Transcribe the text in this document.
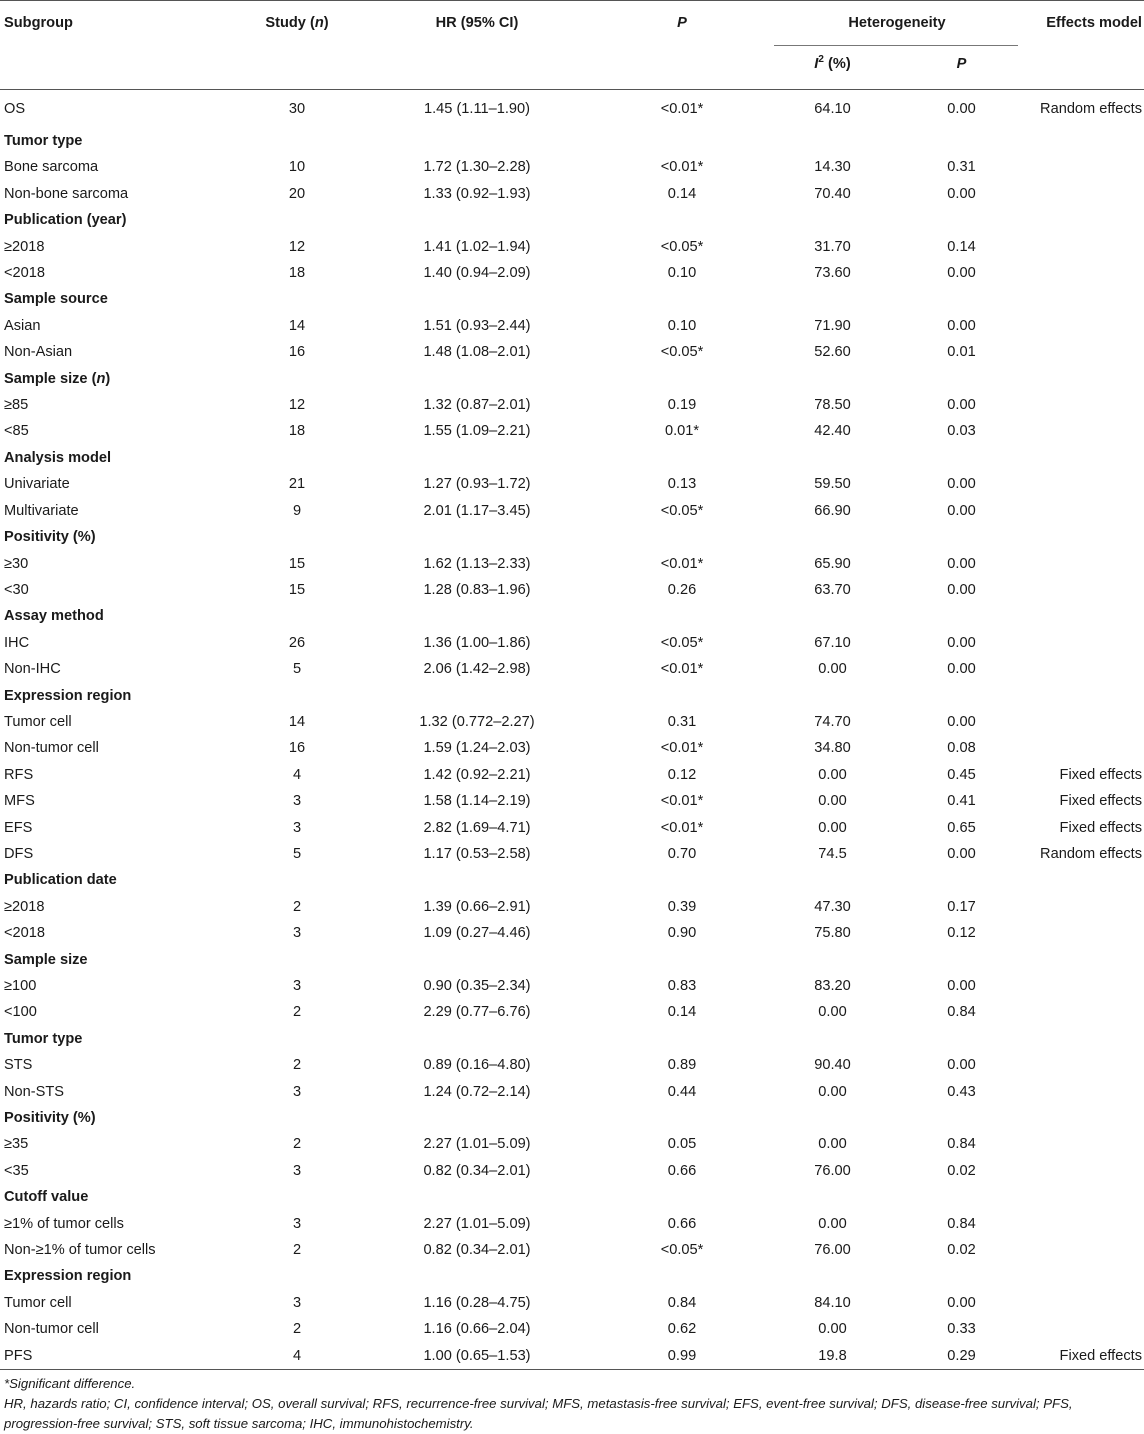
Subgroup	Study (n)	HR (95% CI)	P	Heterogeneity		Effects model
				$I^2$ (%)	P	
OS	30	1.45 (1.11–1.90)	<0.01*	64.10	0.00	Random effects
Tumor type						
Bone sarcoma	10	1.72 (1.30–2.28)	<0.01*	14.30	0.31	
Non-bone sarcoma	20	1.33 (0.92–1.93)	0.14	70.40	0.00	
Publication (year)						
≥2018	12	1.41 (1.02–1.94)	<0.05*	31.70	0.14	
<2018	18	1.40 (0.94–2.09)	0.10	73.60	0.00	
Sample source						
Asian	14	1.51 (0.93–2.44)	0.10	71.90	0.00	
Non-Asian	16	1.48 (1.08–2.01)	<0.05*	52.60	0.01	
Sample size (n)						
≥85	12	1.32 (0.87–2.01)	0.19	78.50	0.00	
<85	18	1.55 (1.09–2.21)	0.01*	42.40	0.03	
Analysis model						
Univariate	21	1.27 (0.93–1.72)	0.13	59.50	0.00	
Multivariate	9	2.01 (1.17–3.45)	<0.05*	66.90	0.00	
Positivity (%)						
≥30	15	1.62 (1.13–2.33)	<0.01*	65.90	0.00	
<30	15	1.28 (0.83–1.96)	0.26	63.70	0.00	
Assay method						
IHC	26	1.36 (1.00–1.86)	<0.05*	67.10	0.00	
Non-IHC	5	2.06 (1.42–2.98)	<0.01*	0.00	0.00	
Expression region						
Tumor cell	14	1.32 (0.772–2.27)	0.31	74.70	0.00	
Non-tumor cell	16	1.59 (1.24–2.03)	<0.01*	34.80	0.08	
RFS	4	1.42 (0.92–2.21)	0.12	0.00	0.45	Fixed effects
MFS	3	1.58 (1.14–2.19)	<0.01*	0.00	0.41	Fixed effects
EFS	3	2.82 (1.69–4.71)	<0.01*	0.00	0.65	Fixed effects
DFS	5	1.17 (0.53–2.58)	0.70	74.5	0.00	Random effects
Publication date						
≥2018	2	1.39 (0.66–2.91)	0.39	47.30	0.17	
<2018	3	1.09 (0.27–4.46)	0.90	75.80	0.12	
Sample size						
≥100	3	0.90 (0.35–2.34)	0.83	83.20	0.00	
<100	2	2.29 (0.77–6.76)	0.14	0.00	0.84	
Tumor type						
STS	2	0.89 (0.16–4.80)	0.89	90.40	0.00	
Non-STS	3	1.24 (0.72–2.14)	0.44	0.00	0.43	
Positivity (%)						
≥35	2	2.27 (1.01–5.09)	0.05	0.00	0.84	
<35	3	0.82 (0.34–2.01)	0.66	76.00	0.02	
Cutoff value						
≥1% of tumor cells	3	2.27 (1.01–5.09)	0.66	0.00	0.84	
Non-≥1% of tumor cells	2	0.82 (0.34–2.01)	<0.05*	76.00	0.02	
Expression region						
Tumor cell	3	1.16 (0.28–4.75)	0.84	84.10	0.00	
Non-tumor cell	2	1.16 (0.66–2.04)	0.62	0.00	0.33	
PFS	4	1.00 (0.65–1.53)	0.99	19.8	0.29	Fixed effects
*Significant difference.
HR, hazards ratio; CI, confidence interval; OS, overall survival; RFS, recurrence-free survival; MFS, metastasis-free survival; EFS, event-free survival; DFS, disease-free survival; PFS, progression-free survival; STS, soft tissue sarcoma; IHC, immunohistochemistry.
